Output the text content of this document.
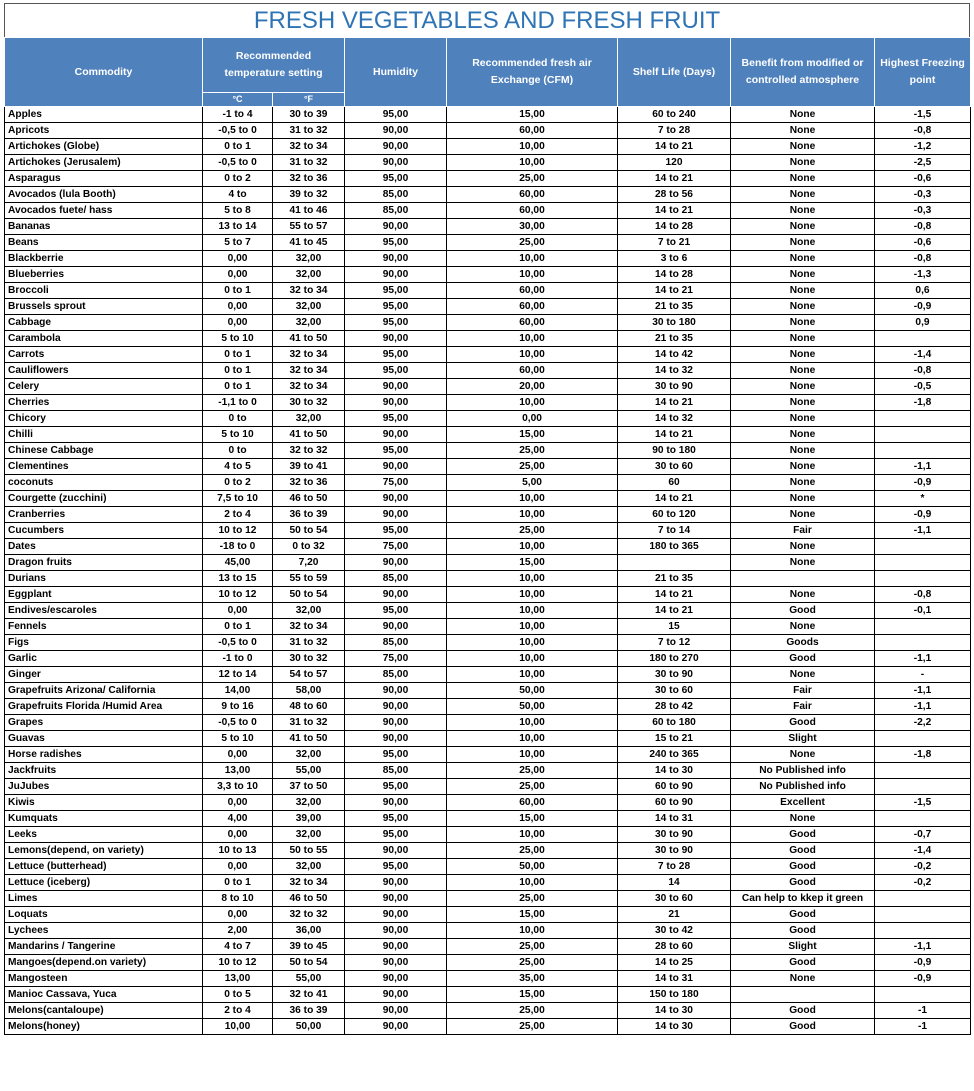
FRESH VEGETABLES AND FRESH FRUIT
Commodity	Recommended temperature setting		Humidity	Recommended fresh air Exchange (CFM)	Shelf Life (Days)	Benefit from modified or controlled atmosphere	Highest Freezing point
	°C	°F					
Apples	-1 to 4	30 to 39	95,00	15,00	60 to 240	None	-1,5
Apricots	-0,5 to 0	31 to 32	90,00	60,00	7 to 28	None	-0,8
Artichokes (Globe)	0 to 1	32 to 34	90,00	10,00	14 to 21	None	-1,2
Artichokes (Jerusalem)	-0,5 to 0	31 to 32	90,00	10,00	120	None	-2,5
Asparagus	0 to 2	32 to 36	95,00	25,00	14 to 21	None	-0,6
Avocados (lula Booth)	4 to	39 to 32	85,00	60,00	28 to 56	None	-0,3
Avocados fuete/ hass	5 to 8	41 to 46	85,00	60,00	14 to 21	None	-0,3
Bananas	13 to 14	55 to 57	90,00	30,00	14 to 28	None	-0,8
Beans	5 to 7	41 to 45	95,00	25,00	7 to 21	None	-0,6
Blackberrie	0,00	32,00	90,00	10,00	3 to 6	None	-0,8
Blueberries	0,00	32,00	90,00	10,00	14 to 28	None	-1,3
Broccoli	0 to 1	32 to 34	95,00	60,00	14 to 21	None	0,6
Brussels sprout	0,00	32,00	95,00	60,00	21 to 35	None	-0,9
Cabbage	0,00	32,00	95,00	60,00	30 to 180	None	0,9
Carambola	5 to 10	41 to 50	90,00	10,00	21 to 35	None	
Carrots	0 to 1	32 to 34	95,00	10,00	14 to 42	None	-1,4
Cauliflowers	0 to 1	32 to 34	95,00	60,00	14 to 32	None	-0,8
Celery	0 to 1	32 to 34	90,00	20,00	30 to 90	None	-0,5
Cherries	-1,1 to 0	30 to 32	90,00	10,00	14 to 21	None	-1,8
Chicory	0 to	32,00	95,00	0,00	14 to 32	None	
Chilli	5 to 10	41 to 50	90,00	15,00	14 to 21	None	
Chinese Cabbage	0 to	32 to 32	95,00	25,00	90 to 180	None	
Clementines	4 to 5	39 to 41	90,00	25,00	30 to 60	None	-1,1
coconuts	0 to 2	32 to 36	75,00	5,00	60	None	-0,9
Courgette (zucchini)	7,5 to 10	46 to 50	90,00	10,00	14 to 21	None	*
Cranberries	2 to 4	36 to 39	90,00	10,00	60 to 120	None	-0,9
Cucumbers	10 to 12	50 to 54	95,00	25,00	7 to 14	Fair	-1,1
Dates	-18 to 0	0 to 32	75,00	10,00	180 to 365	None	
Dragon fruits	45,00	7,20	90,00	15,00		None	
Durians	13 to 15	55 to 59	85,00	10,00	21 to 35		
Eggplant	10 to 12	50 to 54	90,00	10,00	14 to 21	None	-0,8
Endives/escaroles	0,00	32,00	95,00	10,00	14 to 21	Good	-0,1
Fennels	0 to 1	32 to 34	90,00	10,00	15	None	
Figs	-0,5 to 0	31 to 32	85,00	10,00	7 to 12	Goods	
Garlic	-1 to 0	30 to 32	75,00	10,00	180 to 270	Good	-1,1
Ginger	12 to 14	54 to 57	85,00	10,00	30 to 90	None	-
Grapefruits Arizona/ California	14,00	58,00	90,00	50,00	30 to 60	Fair	-1,1
Grapefruits Florida /Humid Area	9 to 16	48 to 60	90,00	50,00	28 to 42	Fair	-1,1
Grapes	-0,5 to 0	31 to 32	90,00	10,00	60 to 180	Good	-2,2
Guavas	5 to 10	41 to 50	90,00	10,00	15 to 21	Slight	
Horse radishes	0,00	32,00	95,00	10,00	240 to 365	None	-1,8
Jackfruits	13,00	55,00	85,00	25,00	14 to 30	No Published info	
JuJubes	3,3 to 10	37 to 50	95,00	25,00	60 to 90	No Published info	
Kiwis	0,00	32,00	90,00	60,00	60 to 90	Excellent	-1,5
Kumquats	4,00	39,00	95,00	15,00	14 to 31	None	
Leeks	0,00	32,00	95,00	10,00	30 to 90	Good	-0,7
Lemons(depend, on variety)	10 to 13	50 to 55	90,00	25,00	30 to 90	Good	-1,4
Lettuce (butterhead)	0,00	32,00	95,00	50,00	7 to 28	Good	-0,2
Lettuce (iceberg)	0 to 1	32 to 34	90,00	10,00	14	Good	-0,2
Limes	8 to 10	46 to 50	90,00	25,00	30 to 60	Can help to kkep it green	
Loquats	0,00	32 to 32	90,00	15,00	21	Good	
Lychees	2,00	36,00	90,00	10,00	30 to 42	Good	
Mandarins / Tangerine	4 to 7	39 to 45	90,00	25,00	28 to 60	Slight	-1,1
Mangoes(depend.on variety)	10 to 12	50 to 54	90,00	25,00	14 to 25	Good	-0,9
Mangosteen	13,00	55,00	90,00	35,00	14 to 31	None	-0,9
Manioc Cassava, Yuca	0 to 5	32 to 41	90,00	15,00	150 to 180		
Melons(cantaloupe)	2 to 4	36 to 39	90,00	25,00	14 to 30	Good	-1
Melons(honey)	10,00	50,00	90,00	25,00	14 to 30	Good	-1
